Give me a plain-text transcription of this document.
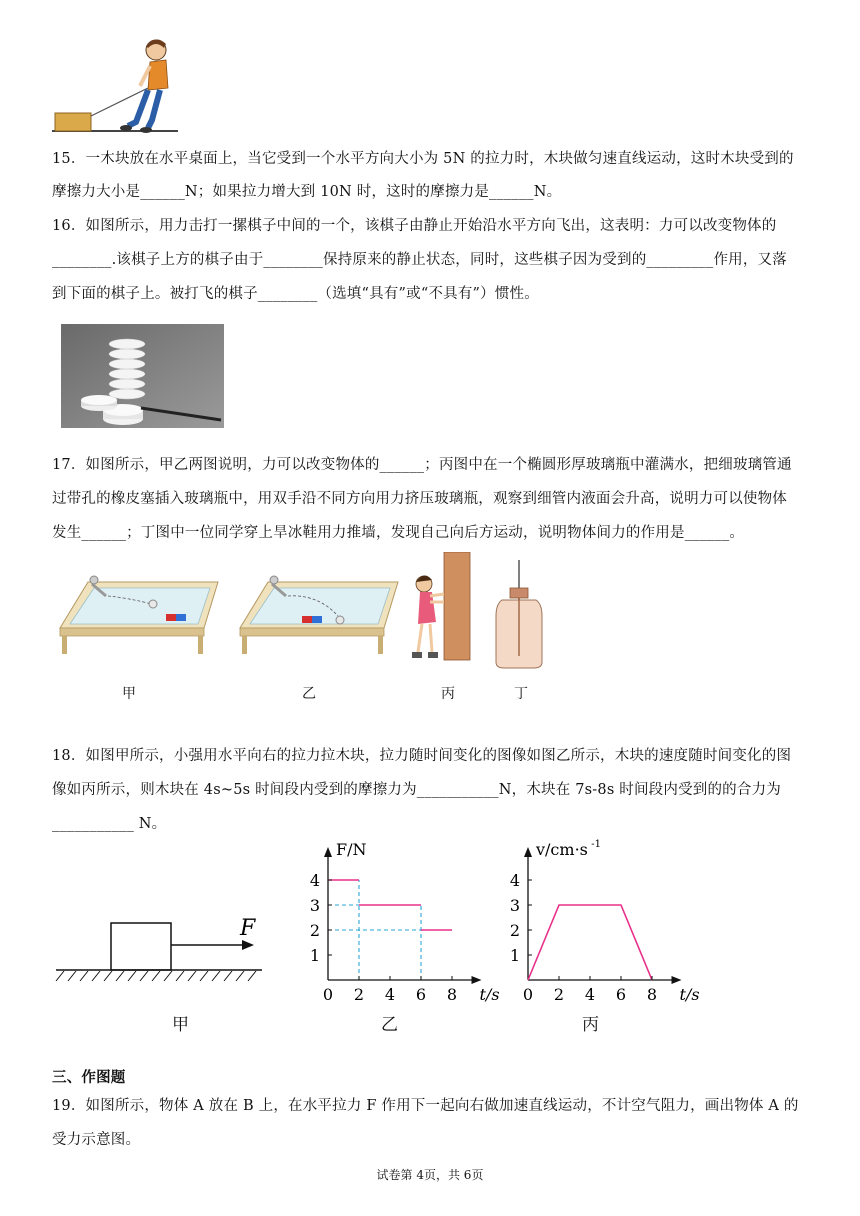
15．一木块放在水平桌面上，当它受到一个水平方向大小为 5N 的拉力时，木块做匀速直线运动，这时木块受到的
摩擦力大小是______N；如果拉力增大到 10N 时，这时的摩擦力是______N。
16．如图所示，用力击打一摞棋子中间的一个，该棋子由静止开始沿水平方向飞出，这表明：力可以改变物体的
________.该棋子上方的棋子由于________保持原来的静止状态，同时，这些棋子因为受到的_________作用，又落
到下面的棋子上。被打飞的棋子________（选填“具有”或“不具有”）惯性。
17．如图所示，甲乙两图说明，力可以改变物体的______；丙图中在一个椭圆形厚玻璃瓶中灌满水，把细玻璃管通
过带孔的橡皮塞插入玻璃瓶中，用双手沿不同方向用力挤压玻璃瓶，观察到细管内液面会升高，说明力可以使物体
发生______；丁图中一位同学穿上旱冰鞋用力推墙，发现自己向后方运动，说明物体间力的作用是______。
甲	乙	丙	丁
18．如图甲所示，小强用水平向右的拉力拉木块，拉力随时间变化的图像如图乙所示，木块的速度随时间变化的图
像如丙所示，则木块在 4s~5s 时间段内受到的摩擦力为___________N，木块在 7s-8s 时间段内受到的的合力为
___________ N。
F
甲
0 2 4 6 8
1
2
3
4
t/s
F/N
0 2 4 6 8
1
2
3
4
t/s
v/cm·s -1
乙	丙
三、作图题
19．如图所示，物体 A 放在 B 上，在水平拉力 F 作用下一起向右做加速直线运动，不计空气阻力，画出物体 A 的
受力示意图。
试卷第 4页，共 6页
